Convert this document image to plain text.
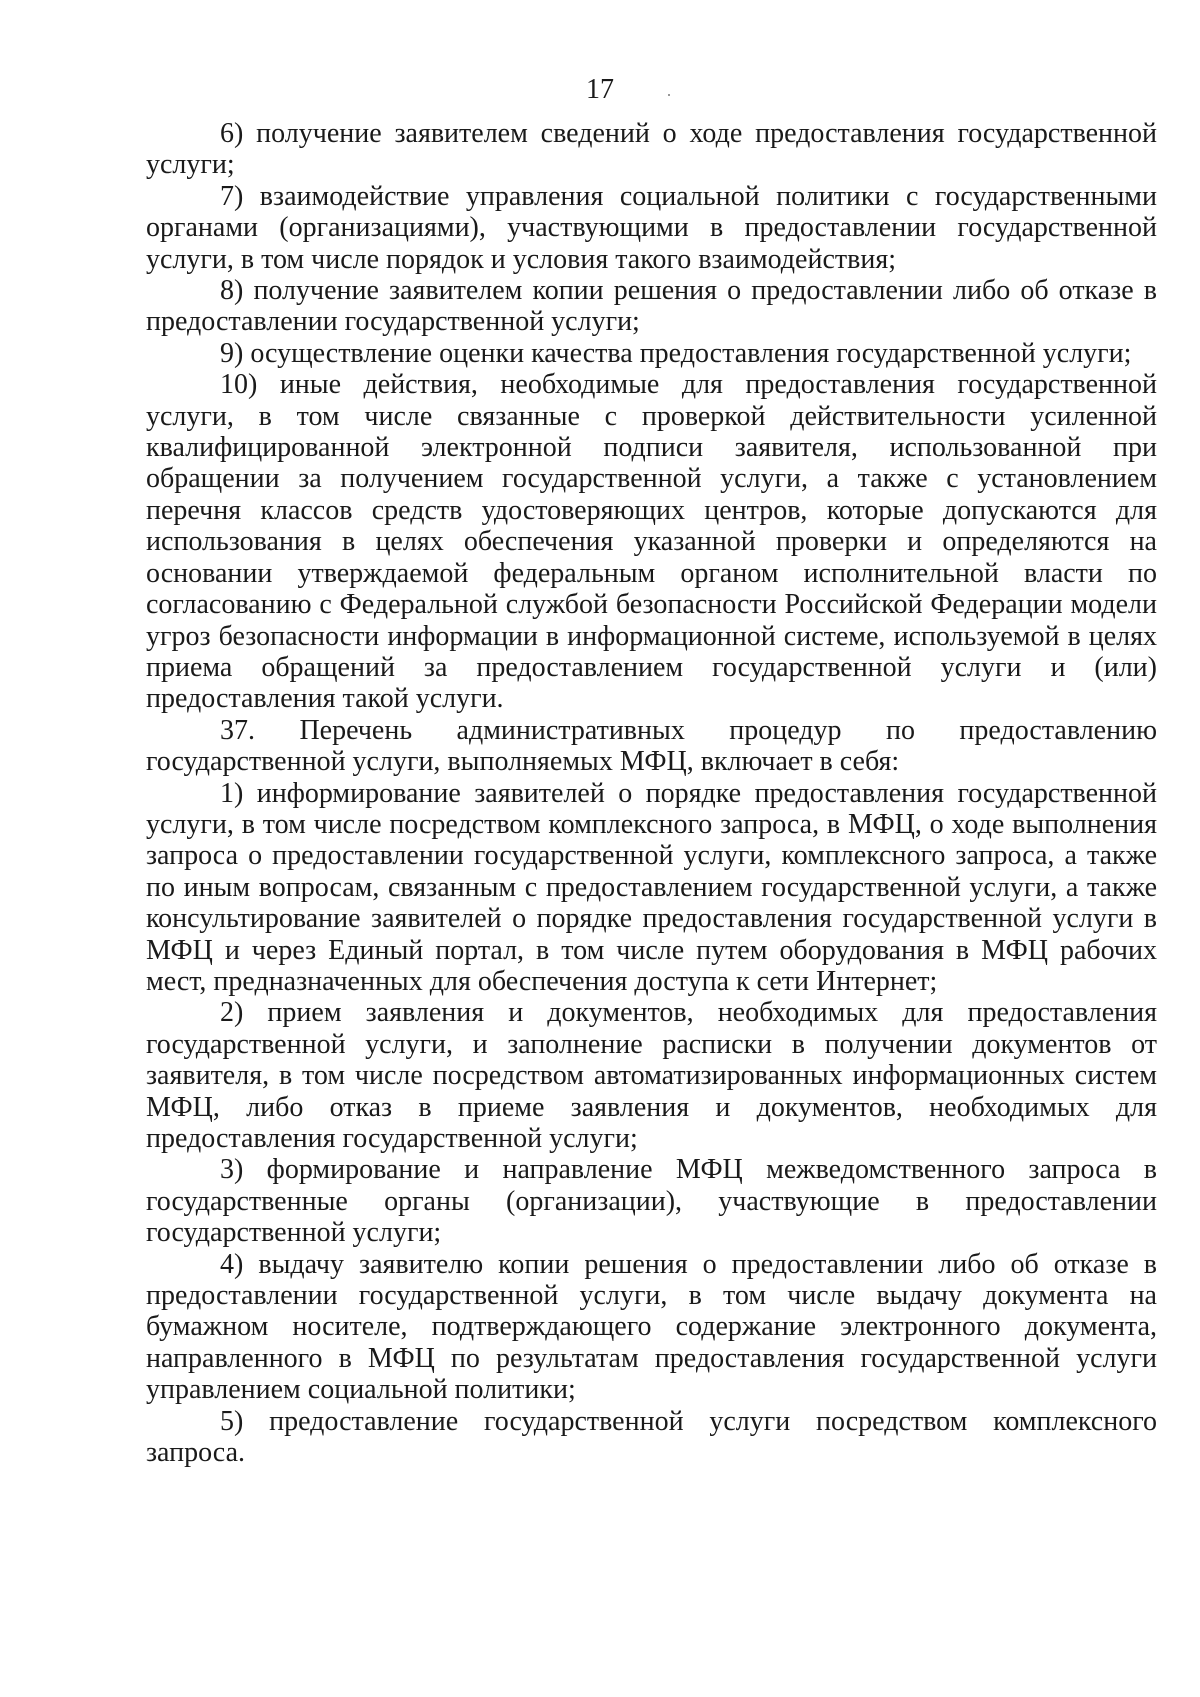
17

6) получение заявителем сведений о ходе предоставления государственной услуги;

7) взаимодействие управления социальной политики с государственными органами (организациями), участвующими в предоставлении государственной услуги, в том числе порядок и условия такого взаимодействия;

8) получение заявителем копии решения о предоставлении либо об отказе в предоставлении государственной услуги;

9) осуществление оценки качества предоставления государственной услуги;

10) иные действия, необходимые для предоставления государственной услуги, в том числе связанные с проверкой действительности усиленной квалифицированной электронной подписи заявителя, использованной при обращении за получением государственной услуги, а также с установлением перечня классов средств удостоверяющих центров, которые допускаются для использования в целях обеспечения указанной проверки и определяются на основании утверждаемой федеральным органом исполнительной власти по согласованию с Федеральной службой безопасности Российской Федерации модели угроз безопасности информации в информационной системе, используемой в целях приема обращений за предоставлением государственной услуги и (или) предоставления такой услуги.

37. Перечень административных процедур по предоставлению государственной услуги, выполняемых МФЦ, включает в себя:

1) информирование заявителей о порядке предоставления государственной услуги, в том числе посредством комплексного запроса, в МФЦ, о ходе выполнения запроса о предоставлении государственной услуги, комплексного запроса, а также по иным вопросам, связанным с предоставлением государственной услуги, а также консультирование заявителей о порядке предоставления государственной услуги в МФЦ и через Единый портал, в том числе путем оборудования в МФЦ рабочих мест, предназначенных для обеспечения доступа к сети Интернет;

2) прием заявления и документов, необходимых для предоставления государственной услуги, и заполнение расписки в получении документов от заявителя, в том числе посредством автоматизированных информационных систем МФЦ, либо отказ в приеме заявления и документов, необходимых для предоставления государственной услуги;

3) формирование и направление МФЦ межведомственного запроса в государственные органы (организации), участвующие в предоставлении государственной услуги;

4) выдачу заявителю копии решения о предоставлении либо об отказе в предоставлении государственной услуги, в том числе выдачу документа на бумажном носителе, подтверждающего содержание электронного документа, направленного в МФЦ по результатам предоставления государственной услуги управлением социальной политики;

5) предоставление государственной услуги посредством комплексного запроса.
